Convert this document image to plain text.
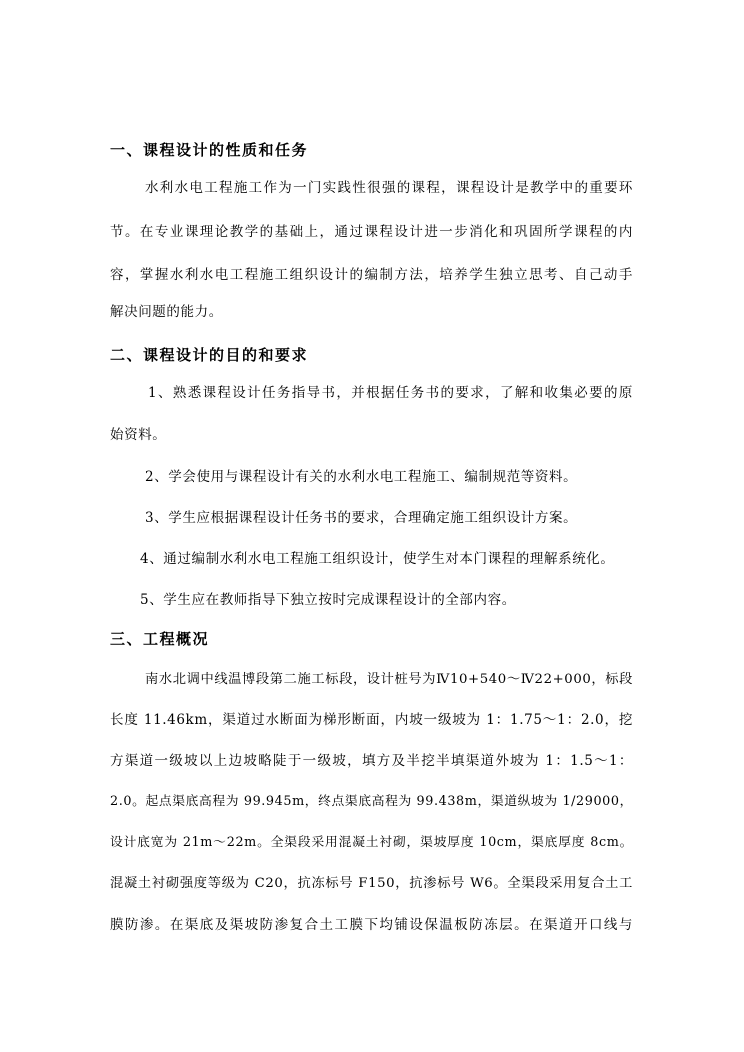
一、课程设计的性质和任务
水利水电工程施工作为一门实践性很强的课程，课程设计是教学中的重要环
节。在专业课理论教学的基础上，通过课程设计进一步消化和巩固所学课程的内
容，掌握水利水电工程施工组织设计的编制方法，培养学生独立思考、自己动手
解决问题的能力。
二、课程设计的目的和要求
1、熟悉课程设计任务指导书，并根据任务书的要求，了解和收集必要的原
始资料。
2、学会使用与课程设计有关的水利水电工程施工、编制规范等资料。
3、学生应根据课程设计任务书的要求，合理确定施工组织设计方案。
4、通过编制水利水电工程施工组织设计，使学生对本门课程的理解系统化。
5、学生应在教师指导下独立按时完成课程设计的全部内容。
三、工程概况
南水北调中线温博段第二施工标段，设计桩号为Ⅳ10+540～Ⅳ22+000，标段
长度 11.46km，渠道过水断面为梯形断面，内坡一级坡为 1：1.75～1：2.0，挖
方渠道一级坡以上边坡略陡于一级坡，填方及半挖半填渠道外坡为 1：1.5～1：
2.0。起点渠底高程为 99.945m，终点渠底高程为 99.438m，渠道纵坡为 1/29000，
设计底宽为 21m～22m。全渠段采用混凝土衬砌，渠坡厚度 10cm，渠底厚度 8cm。
混凝土衬砌强度等级为 C20，抗冻标号 F150，抗渗标号 W6。全渠段采用复合土工
膜防渗。在渠底及渠坡防渗复合土工膜下均铺设保温板防冻层。在渠道开口线与
